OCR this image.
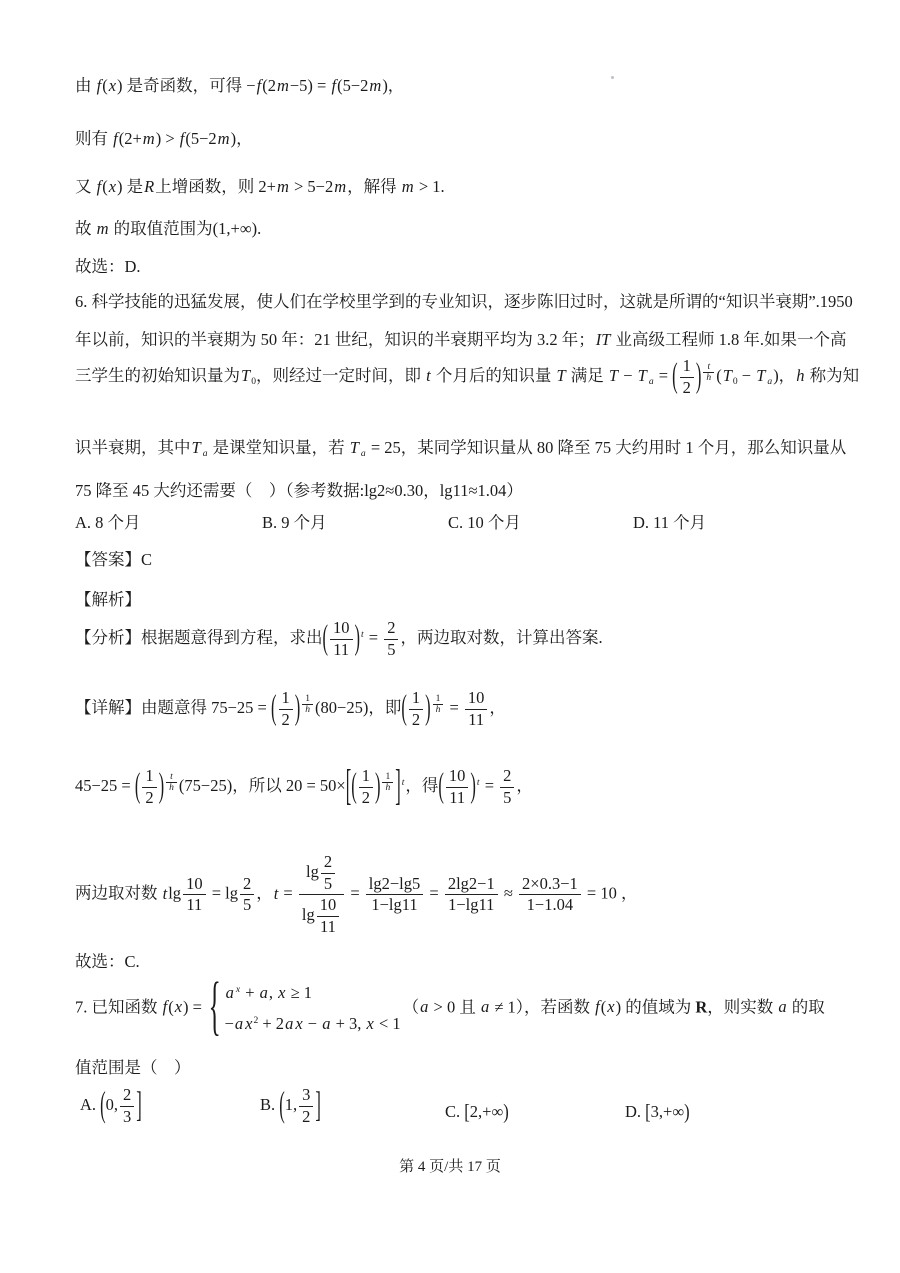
由 f(x) 是奇函数，可得 −f(2m−5) = f(5−2m)，
则有 f(2+m) > f(5−2m)，
又 f(x) 是R上增函数，则 2+m > 5−2m，解得 m > 1.
故 m 的取值范围为(1,+∞).
故选：D.
6. 科学技能的迅猛发展，使人们在学校里学到的专业知识，逐步陈旧过时，这就是所谓的“知识半衰期”.1950
年以前，知识的半衰期为 50 年：21 世纪，知识的半衰期平均为 3.2 年；IT 业高级工程师 1.8 年.如果一个高
三学生的初始知识量为T0，则经过一定时间，即 t 个月后的知识量 T 满足 T − T a = ( $\frac{1}{2}$ ) $\frac{t}{h} (T0 - T$ a)，h 称为知
识半衰期，其中T a 是课堂知识量，若 T a = 25，某同学知识量从 80 降至 75 大约用时 1 个月，那么知识量从
75 降至 45 大约还需要（　）（参考数据:lg2≈0.30，lg11≈1.04）
A. 8 个月	B. 9 个月	C. 10 个月	D. 11 个月
【答案】C
【解析】
【分析】根据题意得到方程，求出( $\frac{10}{11} )t = \frac{2}{5}$ ，两边取对数，计算出答案.
【详解】由题意得 75−25 = ( $\frac{1}{2}$ ) $\frac{1}{h} (80-25)$，即( $\frac{1}{2}$ ) $\frac{1}{h} = \frac{10}{11}$ ，
45−25 = ( $\frac{1}{2}$ ) $\frac{t}{h} (75-25)$，所以 $20 = 50\times[( \frac{1}{2}$ ) $\frac{1}{h} ]t$，得( $\frac{10}{11} )t = \frac{2}{5}$ ，
两边取对数 tlg $\frac{10}{11} = \lg \frac{2}{5}$ ，$t = \frac{\lg \frac{2}{5}}{\lg \frac{10}{11}} = \frac{\lg 2-\lg 5}{1-\lg 11} = \frac{2\lg 2-1}{1-\lg 11} \approx \frac{2\times 0.3-1}{1-1.04} = 10$ ，
故选：C.
7. 已知函数 f(x) = { a x + a, x ≥ 1
−a x2 + 2a x − a + 3, x < 1
（a > 0 且 a ≠ 1），若函数 f(x) 的值域为 R，则实数 a 的取
值范围是（　）
A. (0, $\frac{2}{3}$ ]	B. (1, $\frac{3}{2}$ ]	C. [2,+∞)	D. [3,+∞)
第 4 页/共 17 页
